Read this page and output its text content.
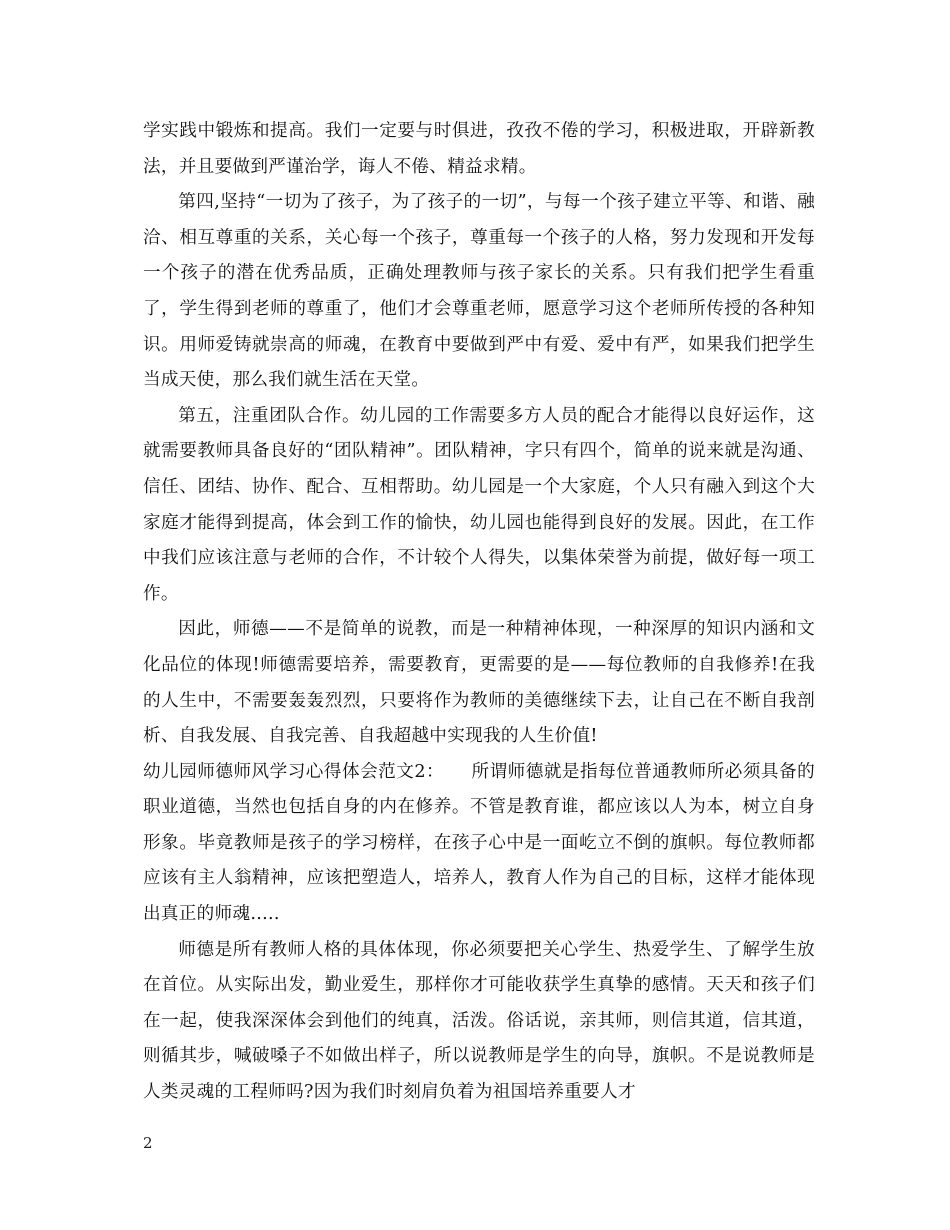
学实践中锻炼和提高。我们一定要与时俱进，孜孜不倦的学习，积极进取，开辟新教法，并且要做到严谨治学，诲人不倦、精益求精。

第四,坚持“一切为了孩子，为了孩子的一切”，与每一个孩子建立平等、和谐、融洽、相互尊重的关系，关心每一个孩子，尊重每一个孩子的人格，努力发现和开发每一个孩子的潜在优秀品质，正确处理教师与孩子家长的关系。只有我们把学生看重了，学生得到老师的尊重了，他们才会尊重老师，愿意学习这个老师所传授的各种知识。用师爱铸就崇高的师魂，在教育中要做到严中有爱、爱中有严，如果我们把学生当成天使，那么我们就生活在天堂。

第五，注重团队合作。幼儿园的工作需要多方人员的配合才能得以良好运作，这就需要教师具备良好的“团队精神”。团队精神，字只有四个，简单的说来就是沟通、信任、团结、协作、配合、互相帮助。幼儿园是一个大家庭，个人只有融入到这个大家庭才能得到提高，体会到工作的愉快，幼儿园也能得到良好的发展。因此，在工作中我们应该注意与老师的合作，不计较个人得失，以集体荣誉为前提，做好每一项工作。

因此，师德——不是简单的说教，而是一种精神体现，一种深厚的知识内涵和文化品位的体现!师德需要培养，需要教育，更需要的是——每位教师的自我修养!在我的人生中，不需要轰轰烈烈，只要将作为教师的美德继续下去，让自己在不断自我剖析、自我发展、自我完善、自我超越中实现我的人生价值!

幼儿园师德师风学习心得体会范文2：　　所谓师德就是指每位普通教师所必须具备的职业道德，当然也包括自身的内在修养。不管是教育谁，都应该以人为本，树立自身形象。毕竟教师是孩子的学习榜样，在孩子心中是一面屹立不倒的旗帜。每位教师都应该有主人翁精神，应该把塑造人，培养人，教育人作为自己的目标，这样才能体现出真正的师魂.....

师德是所有教师人格的具体体现，你必须要把关心学生、热爱学生、了解学生放在首位。从实际出发，勤业爱生，那样你才可能收获学生真挚的感情。天天和孩子们在一起，使我深深体会到他们的纯真，活泼。俗话说，亲其师，则信其道，信其道，则循其步，喊破嗓子不如做出样子，所以说教师是学生的向导，旗帜。不是说教师是人类灵魂的工程师吗?因为我们时刻肩负着为祖国培养重要人才

2
